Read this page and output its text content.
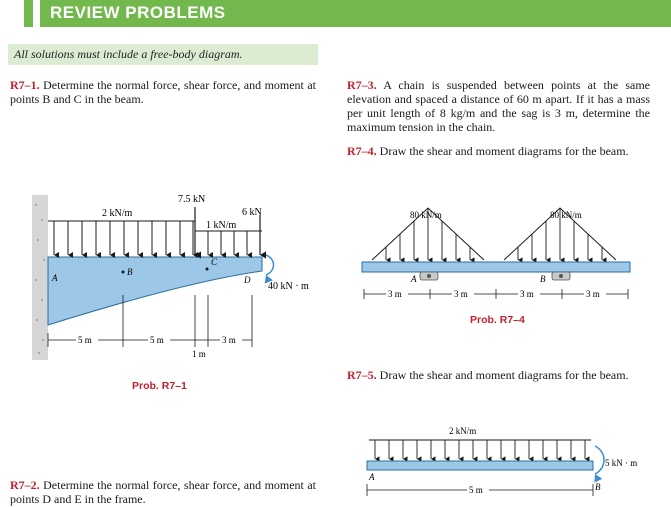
REVIEW PROBLEMS
All solutions must include a free-body diagram.
R7–1. Determine the normal force, shear force, and moment at points B and C in the beam.
R7–3. A chain is suspended between points at the same elevation and spaced a distance of 60 m apart. If it has a mass per unit length of 8 kg/m and the sag is 3 m, determine the maximum tension in the chain.
R7–4. Draw the shear and moment diagrams for the beam.
R7–5. Draw the shear and moment diagrams for the beam.
R7–2. Determine the normal force, shear force, and moment at points D and E in the frame.
2 kN/m
7.5 kN
6 kN
1 kN/m
40 kN · m
A
B
C
D
5 m	5 m	3 m
1 m
Prob. R7–1
80 kN/m	80 kN/m
A	B
3 m	3 m	3 m	3 m
Prob. R7–4
2 kN/m
5 kN · m
A
B
5 m
